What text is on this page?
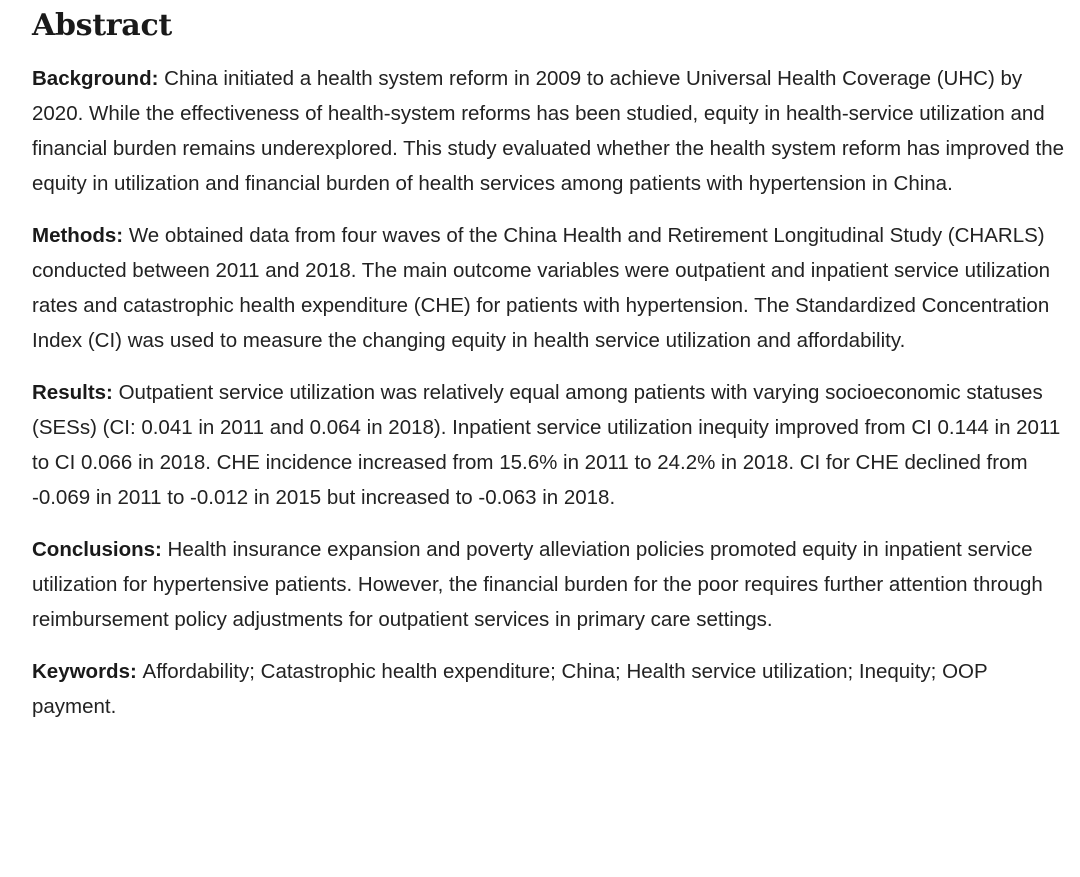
Abstract

Background: China initiated a health system reform in 2009 to achieve Universal Health Coverage (UHC) by 2020. While the effectiveness of health-system reforms has been studied, equity in health-service utilization and financial burden remains underexplored. This study evaluated whether the health system reform has improved the equity in utilization and financial burden of health services among patients with hypertension in China.

Methods: We obtained data from four waves of the China Health and Retirement Longitudinal Study (CHARLS) conducted between 2011 and 2018. The main outcome variables were outpatient and inpatient service utilization rates and catastrophic health expenditure (CHE) for patients with hypertension. The Standardized Concentration Index (CI) was used to measure the changing equity in health service utilization and affordability.

Results: Outpatient service utilization was relatively equal among patients with varying socioeconomic statuses (SESs) (CI: 0.041 in 2011 and 0.064 in 2018). Inpatient service utilization inequity improved from CI 0.144 in 2011 to CI 0.066 in 2018. CHE incidence increased from 15.6% in 2011 to 24.2% in 2018. CI for CHE declined from -0.069 in 2011 to -0.012 in 2015 but increased to -0.063 in 2018.

Conclusions: Health insurance expansion and poverty alleviation policies promoted equity in inpatient service utilization for hypertensive patients. However, the financial burden for the poor requires further attention through reimbursement policy adjustments for outpatient services in primary care settings.

Keywords: Affordability; Catastrophic health expenditure; China; Health service utilization; Inequity; OOP payment.
